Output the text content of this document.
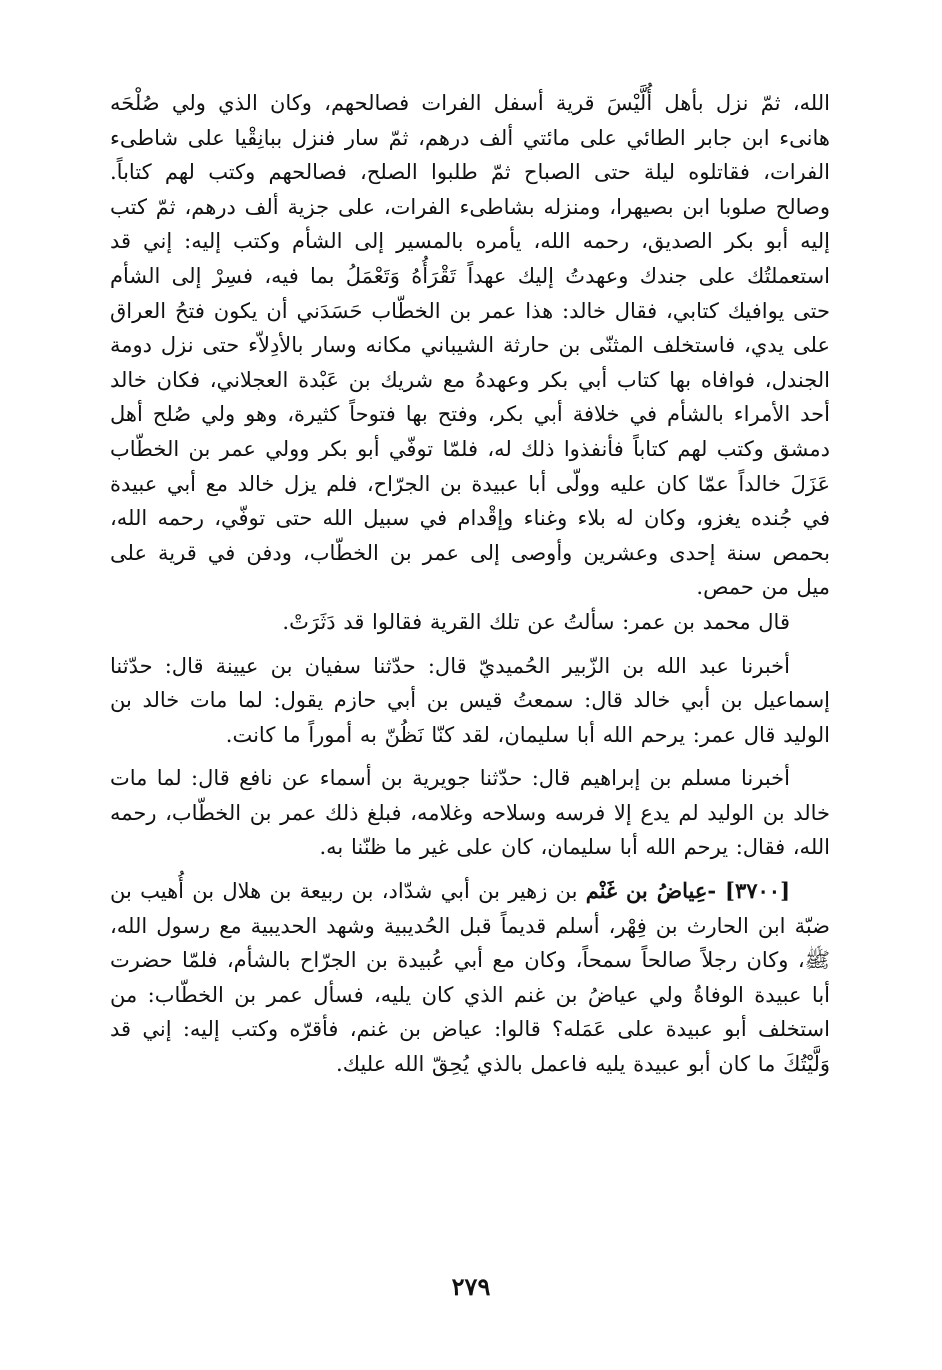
الله، ثمّ نزل بأهل أُلَّيْسَ قرية أسفل الفرات فصالحهم، وكان الذي ولي صُلْحَه هانىء ابن جابر الطائي على مائتي ألف درهم، ثمّ سار فنزل ببانِقْيا على شاطىء الفرات، فقاتلوه ليلة حتى الصباح ثمّ طلبوا الصلح، فصالحهم وكتب لهم كتاباً. وصالح صلوبا ابن بصيهرا، ومنزله بشاطىء الفرات، على جزية ألف درهم، ثمّ كتب إليه أبو بكر الصديق، رحمه الله، يأمره بالمسير إلى الشأم وكتب إليه: إني قد استعملتُك على جندك وعهدتُ إليك عهداً تَقْرَأُهُ وَتَعْمَلُ بما فيه، فسِرْ إلى الشأم حتى يوافيك كتابي، فقال خالد: هذا عمر بن الخطّاب حَسَدَني أن يكون فتحُ العراق على يدي، فاستخلف المثنّى بن حارثة الشيباني مكانه وسار بالأدِلاّء حتى نزل دومة الجندل، فوافاه بها كتاب أبي بكر وعهدهُ مع شريك بن عَبْدة العجلاني، فكان خالد أحد الأمراء بالشأم في خلافة أبي بكر، وفتح بها فتوحاً كثيرة، وهو ولي صُلح أهل دمشق وكتب لهم كتاباً فأنفذوا ذلك له، فلمّا توفّي أبو بكر وولي عمر بن الخطّاب عَزَلَ خالداً عمّا كان عليه وولّى أبا عبيدة بن الجرّاح، فلم يزل خالد مع أبي عبيدة في جُنده يغزو، وكان له بلاء وغناء وإقْدام في سبيل الله حتى توفّي، رحمه الله، بحمص سنة إحدى وعشرين وأوصى إلى عمر بن الخطّاب، ودفن في قرية على ميل من حمص.

قال محمد بن عمر: سألتُ عن تلك القرية فقالوا قد دَثَرَتْ.

أخبرنا عبد الله بن الزّبير الحُميديّ قال: حدّثنا سفيان بن عيينة قال: حدّثنا إسماعيل بن أبي خالد قال: سمعتُ قيس بن أبي حازم يقول: لما مات خالد بن الوليد قال عمر: يرحم الله أبا سليمان، لقد كنّا نَظُنّ به أموراً ما كانت.

أخبرنا مسلم بن إبراهيم قال: حدّثنا جويرية بن أسماء عن نافع قال: لما مات خالد بن الوليد لم يدع إلا فرسه وسلاحه وغلامه، فبلغ ذلك عمر بن الخطّاب، رحمه الله، فقال: يرحم الله أبا سليمان، كان على غير ما ظنّنا به.

[٣٧٠٠] -عِياضُ بن غَنْم بن زهير بن أبي شدّاد، بن ربيعة بن هلال بن أُهيب بن ضبّة ابن الحارث بن فِهْر، أسلم قديماً قبل الحُديبية وشهد الحديبية مع رسول الله، ﷺ، وكان رجلاً صالحاً سمحاً، وكان مع أبي عُبيدة بن الجرّاح بالشأم، فلمّا حضرت أبا عبيدة الوفاةُ ولي عياضُ بن غنم الذي كان يليه، فسأل عمر بن الخطّاب: من استخلف أبو عبيدة على عَمَله؟ قالوا: عياض بن غنم، فأقرّه وكتب إليه: إني قد وَلَّيْتُكَ ما كان أبو عبيدة يليه فاعمل بالذي يُحِقّ الله عليك.

٢٧٩
